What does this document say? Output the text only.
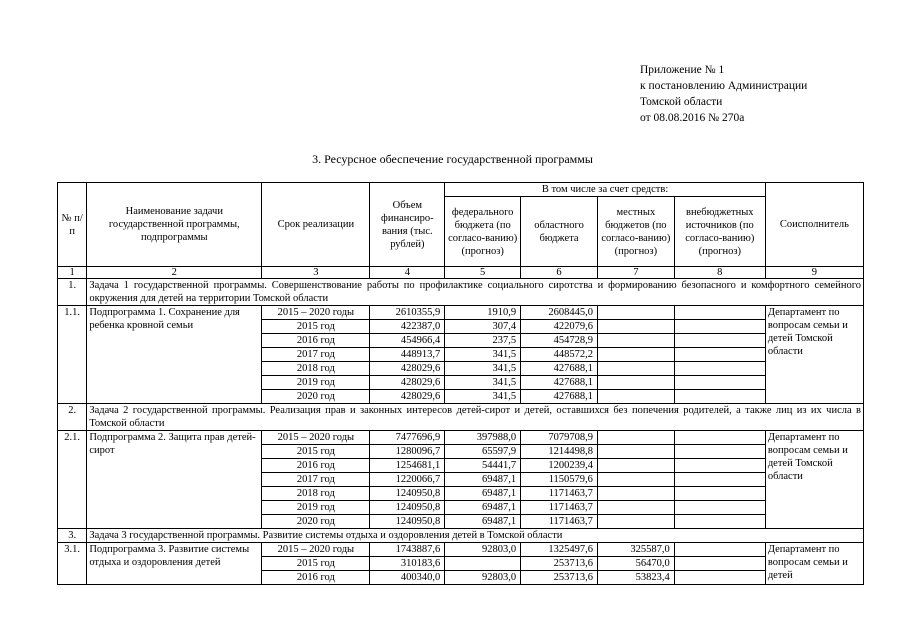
Приложение № 1
к постановлению Администрации
Томской области
от 08.08.2016 № 270а
3. Ресурсное обеспечение государственной программы
№ п/п	Наименование задачи государственной программы, подпрограммы	Срок реализации	Объем финансиро-вания (тыс. рублей)	В том числе за счет средств:				Соисполнитель
				федерального бюджета (по согласо-ванию) (прогноз)	областного бюджета	местных бюджетов (по согласо-ванию) (прогноз)	внебюджетных источников (по согласо-ванию) (прогноз)	
1	2	3	4	5	6	7	8	9
1.	Задача 1 государственной программы. Совершенствование работы по профилактике социального сиротства и формированию безопасного и комфортного семейного окружения для детей на территории Томской области							
1.1.	Подпрограмма 1. Сохранение для ребенка кровной семьи	2015 – 2020 годы	2610355,9	1910,9	2608445,0			Департамент по вопросам семьи и детей Томской области
		2015 год	422387,0	307,4	422079,6			
		2016 год	454966,4	237,5	454728,9			
		2017 год	448913,7	341,5	448572,2			
		2018 год	428029,6	341,5	427688,1			
		2019 год	428029,6	341,5	427688,1			
		2020 год	428029,6	341,5	427688,1			
2.	Задача 2 государственной программы. Реализация прав и законных интересов детей-сирот и детей, оставшихся без попечения родителей, а также лиц из их числа в Томской области							
2.1.	Подпрограмма 2. Защита прав детей-сирот	2015 – 2020 годы	7477696,9	397988,0	7079708,9			Департамент по вопросам семьи и детей Томской области
		2015 год	1280096,7	65597,9	1214498,8			
		2016 год	1254681,1	54441,7	1200239,4			
		2017 год	1220066,7	69487,1	1150579,6			
		2018 год	1240950,8	69487,1	1171463,7			
		2019 год	1240950,8	69487,1	1171463,7			
		2020 год	1240950,8	69487,1	1171463,7			
3.	Задача 3 государственной программы. Развитие системы отдыха и оздоровления детей в Томской области							
3.1.	Подпрограмма 3. Развитие системы отдыха и оздоровления детей	2015 – 2020 годы	1743887,6	92803,0	1325497,6	325587,0		Департамент по вопросам семьи и детей
		2015 год	310183,6		253713,6	56470,0		
		2016 год	400340,0	92803,0	253713,6	53823,4		
